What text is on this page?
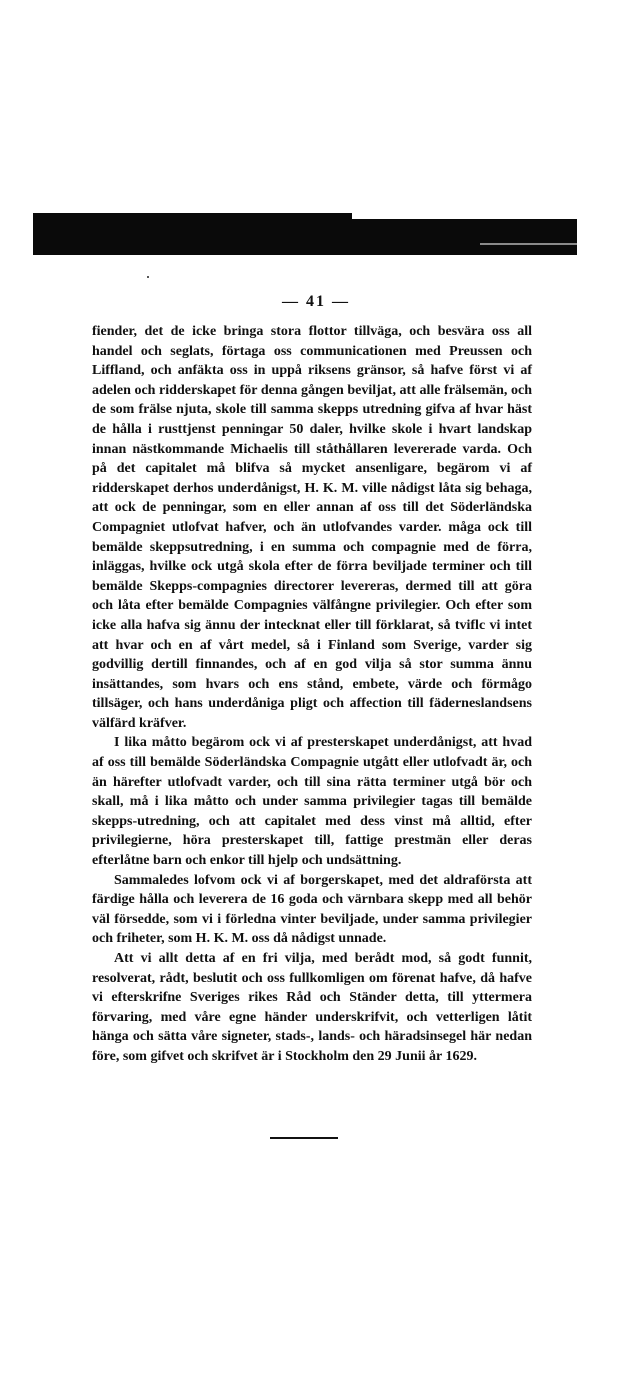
— 41 —

fiender, det de icke bringa stora flottor tillväga, och besvära oss all handel och seglats, förtaga oss communicationen med Preussen och Liffland, och anfäkta oss in uppå riksens gränsor, så hafve först vi af adelen och ridderskapet för denna gången beviljat, att alle frälsemän, och de som frälse njuta, skole till samma skepps utredning gifva af hvar häst de hålla i rusttjenst penningar 50 daler, hvilke skole i hvart landskap innan nästkommande Michaelis till ståthållaren levererade varda. Och på det capitalet må blifva så mycket ansenligare, begärom vi af ridderskapet derhos underdånigst, H. K. M. ville nådigst låta sig behaga, att ock de penningar, som en eller annan af oss till det Söderländska Compagniet utlofvat hafver, och än utlofvandes varder. måga ock till bemälde skeppsutredning, i en summa och compagnie med de förra, inläggas, hvilke ock utgå skola efter de förra beviljade terminer och till bemälde Skepps-compagnies directorer levereras, dermed till att göra och låta efter bemälde Compagnies välfångne privilegier. Och efter som icke alla hafva sig ännu der intecknat eller till förklarat, så tviflc vi intet att hvar och en af vårt medel, så i Finland som Sverige, varder sig godvillig dertill finnandes, och af en god vilja så stor summa ännu insättandes, som hvars och ens stånd, embete, värde och förmågo tillsäger, och hans underdåniga pligt och affection till fäderneslandsens välfärd kräfver.

I lika måtto begärom ock vi af presterskapet underdånigst, att hvad af oss till bemälde Söderländska Compagnie utgått eller utlofvadt är, och än härefter utlofvadt varder, och till sina rätta terminer utgå bör och skall, må i lika måtto och under samma privilegier tagas till bemälde skepps-utredning, och att capitalet med dess vinst må alltid, efter privilegierne, höra presterskapet till, fattige prestmän eller deras efterlåtne barn och enkor till hjelp och undsättning.

Sammaledes lofvom ock vi af borgerskapet, med det aldraförsta att färdige hålla och leverera de 16 goda och värnbara skepp med all behör väl försedde, som vi i förledna vinter beviljade, under samma privilegier och friheter, som H. K. M. oss då nådigst unnade.

Att vi allt detta af en fri vilja, med berådt mod, så godt funnit, resolverat, rådt, beslutit och oss fullkomligen om förenat hafve, då hafve vi efterskrifne Sveriges rikes Råd och Ständer detta, till yttermera förvaring, med våre egne händer underskrifvit, och vetterligen låtit hänga och sätta våre signeter, stads-, lands- och häradsinsegel här nedan före, som gifvet och skrifvet är i Stockholm den 29 Junii år 1629.
